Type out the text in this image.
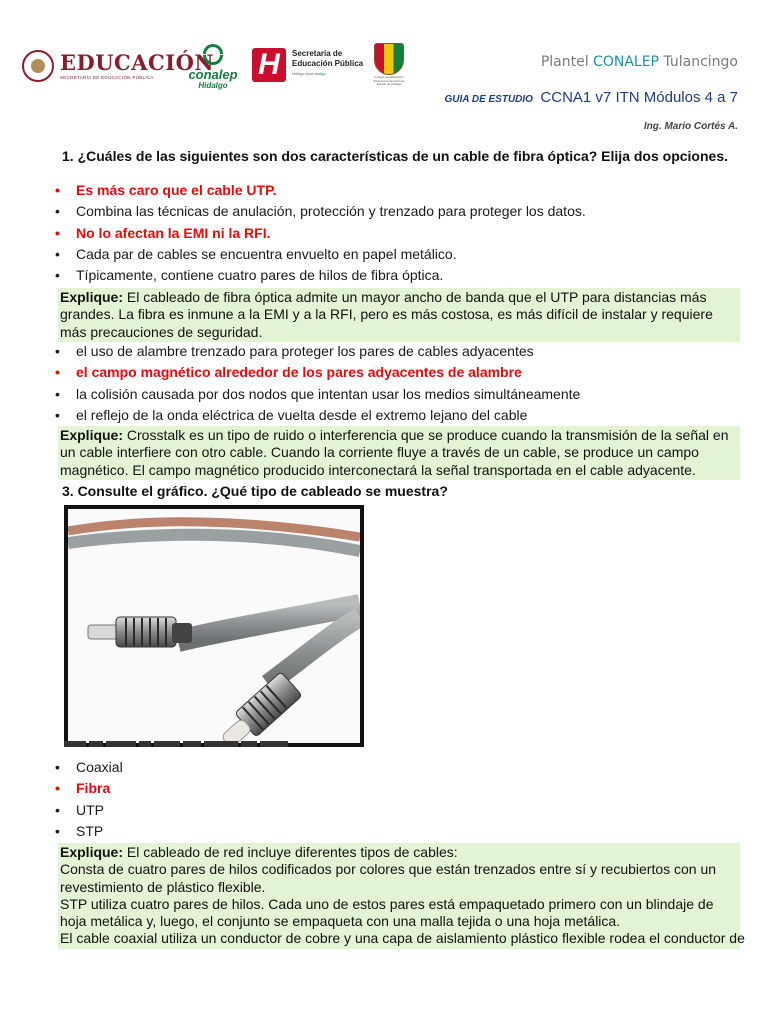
EDUCACIÓN
SECRETARÍA DE EDUCACIÓN PÚBLICA	conalep
Hidalgo
H	Secretaría de Educación Pública
Hidalgo crece contigo
Colegio de Educación Profesional Técnica del Estado de Hidalgo
Plantel CONALEP Tulancingo
GUIA DE ESTUDIO CCNA1 v7 ITN Módulos 4 a 7
Ing. Mario Cortés A.
1. ¿Cuáles de las siguientes son dos características de un cable de fibra óptica? Elija dos opciones.
• Es más caro que el cable UTP.
• Combina las técnicas de anulación, protección y trenzado para proteger los datos.
• No lo afectan la EMI ni la RFI.
• Cada par de cables se encuentra envuelto en papel metálico.
• Típicamente, contiene cuatro pares de hilos de fibra óptica.
Explique: El cableado de fibra óptica admite un mayor ancho de banda que el UTP para distancias más grandes. La fibra es inmune a la EMI y a la RFI, pero es más costosa, es más difícil de instalar y requiere más precauciones de seguridad.
• el uso de alambre trenzado para proteger los pares de cables adyacentes
• el campo magnético alrededor de los pares adyacentes de alambre
• la colisión causada por dos nodos que intentan usar los medios simultáneamente
• el reflejo de la onda eléctrica de vuelta desde el extremo lejano del cable
Explique: Crosstalk es un tipo de ruido o interferencia que se produce cuando la transmisión de la señal en un cable interfiere con otro cable. Cuando la corriente fluye a través de un cable, se produce un campo magnético. El campo magnético producido interconectará la señal transportada en el cable adyacente.
3. Consulte el gráfico. ¿Qué tipo de cableado se muestra?
• Coaxial
• Fibra
• UTP
• STP
Explique: El cableado de red incluye diferentes tipos de cables:
Consta de cuatro pares de hilos codificados por colores que están trenzados entre sí y recubiertos con un revestimiento de plástico flexible.
STP utiliza cuatro pares de hilos. Cada uno de estos pares está empaquetado primero con un blindaje de hoja metálica y, luego, el conjunto se empaqueta con una malla tejida o una hoja metálica.
El cable coaxial utiliza un conductor de cobre y una capa de aislamiento plástico flexible rodea el conductor de
